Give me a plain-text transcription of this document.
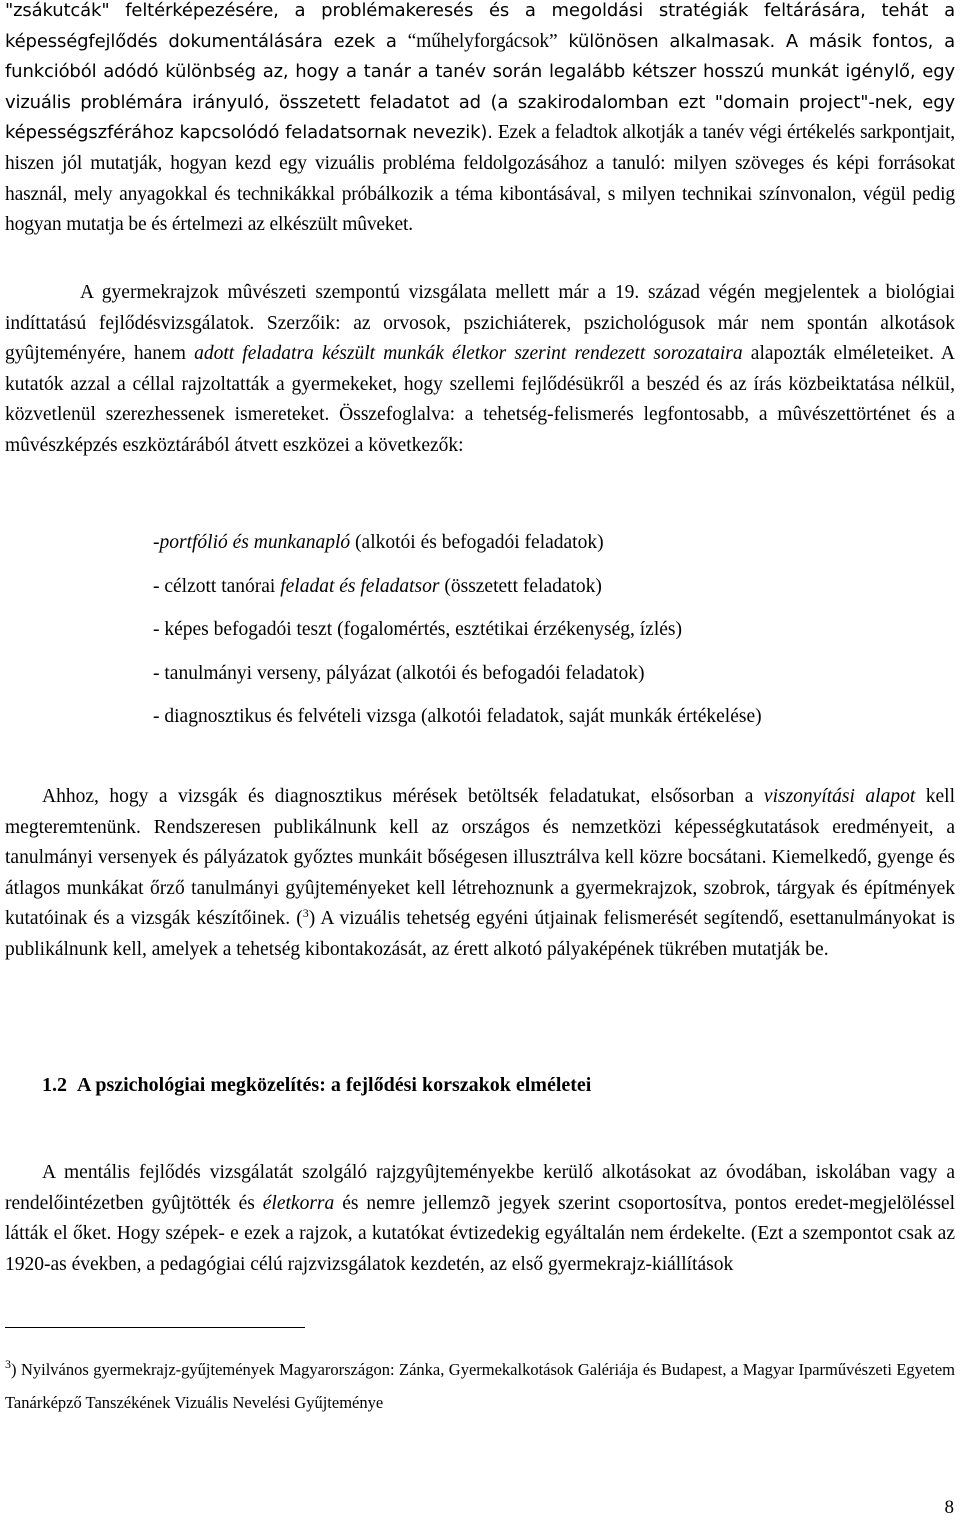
"zsákutcák" feltérképezésére, a problémakeresés és a megoldási stratégiák feltárására, tehát a képességfejlődés dokumentálására ezek a “műhelyforgácsok” különösen alkalmasak. A másik fontos, a funkcióból adódó különbség az, hogy a tanár a tanév során legalább kétszer hosszú munkát igénylő, egy vizuális problémára irányuló, összetett feladatot ad (a szakirodalomban ezt "domain project"-nek, egy képességszférához kapcsolódó feladatsornak nevezik). Ezek a feladtok alkotják a tanév végi értékelés sarkpontjait, hiszen jól mutatják, hogyan kezd egy vizuális probléma feldolgozásához a tanuló: milyen szöveges és képi forrásokat használ, mely anyagokkal és technikákkal próbálkozik a téma kibontásával, s milyen technikai színvonalon, végül pedig hogyan mutatja be és értelmezi az elkészült mûveket.

A gyermekrajzok mûvészeti szempontú vizsgálata mellett már a 19. század végén megjelentek a biológiai indíttatású fejlődésvizsgálatok. Szerzőik: az orvosok, pszichiáterek, pszichológusok már nem spontán alkotások gyûjteményére, hanem adott feladatra készült munkák életkor szerint rendezett sorozataira alapozták elméleteiket. A kutatók azzal a céllal rajzoltatták a gyermekeket, hogy szellemi fejlődésükről a beszéd és az írás közbeiktatása nélkül, közvetlenül szerezhessenek ismereteket. Összefoglalva: a tehetség-felismerés legfontosabb, a mûvészettörténet és a mûvészképzés eszköztárából átvett eszközei a következők:

-portfólió és munkanapló (alkotói és befogadói feladatok)
- célzott tanórai feladat és feladatsor (összetett feladatok)
- képes befogadói teszt (fogalomértés, esztétikai érzékenység, ízlés)
- tanulmányi verseny, pályázat (alkotói és befogadói feladatok)
- diagnosztikus és felvételi vizsga (alkotói feladatok, saját munkák értékelése)

Ahhoz, hogy a vizsgák és diagnosztikus mérések betöltsék feladatukat, elsősorban a viszonyítási alapot kell megteremtenünk. Rendszeresen publikálnunk kell az országos és nemzetközi képességkutatások eredményeit, a tanulmányi versenyek és pályázatok győztes munkáit bőségesen illusztrálva kell közre bocsátani. Kiemelkedő, gyenge és átlagos munkákat őrző tanulmányi gyûjteményeket kell létrehoznunk a gyermekrajzok, szobrok, tárgyak és építmények kutatóinak és a vizsgák készítőinek. ($^3$) A vizuális tehetség egyéni útjainak felismerését segítendő, esettanulmányokat is publikálnunk kell, amelyek a tehetség kibontakozását, az érett alkotó pályaképének tükrében mutatják be.

1.2 A pszichológiai megközelítés: a fejlődési korszakok elméletei

A mentális fejlődés vizsgálatát szolgáló rajzgyûjteményekbe kerülő alkotásokat az óvodában, iskolában vagy a rendelőintézetben gyûjtötték és életkorra és nemre jellemzõ jegyek szerint csoportosítva, pontos eredet-megjelöléssel látták el őket. Hogy szépek- e ezek a rajzok, a kutatókat évtizedekig egyáltalán nem érdekelte. (Ezt a szempontot csak az 1920-as években, a pedagógiai célú rajzvizsgálatok kezdetén, az első gyermekrajz-kiállítások

$^3$) Nyilvános gyermekrajz-gyűjtemények Magyarországon: Zánka, Gyermekalkotások Galériája és Budapest, a Magyar Iparművészeti Egyetem Tanárképző Tanszékének Vizuális Nevelési Gyűjteménye

8
